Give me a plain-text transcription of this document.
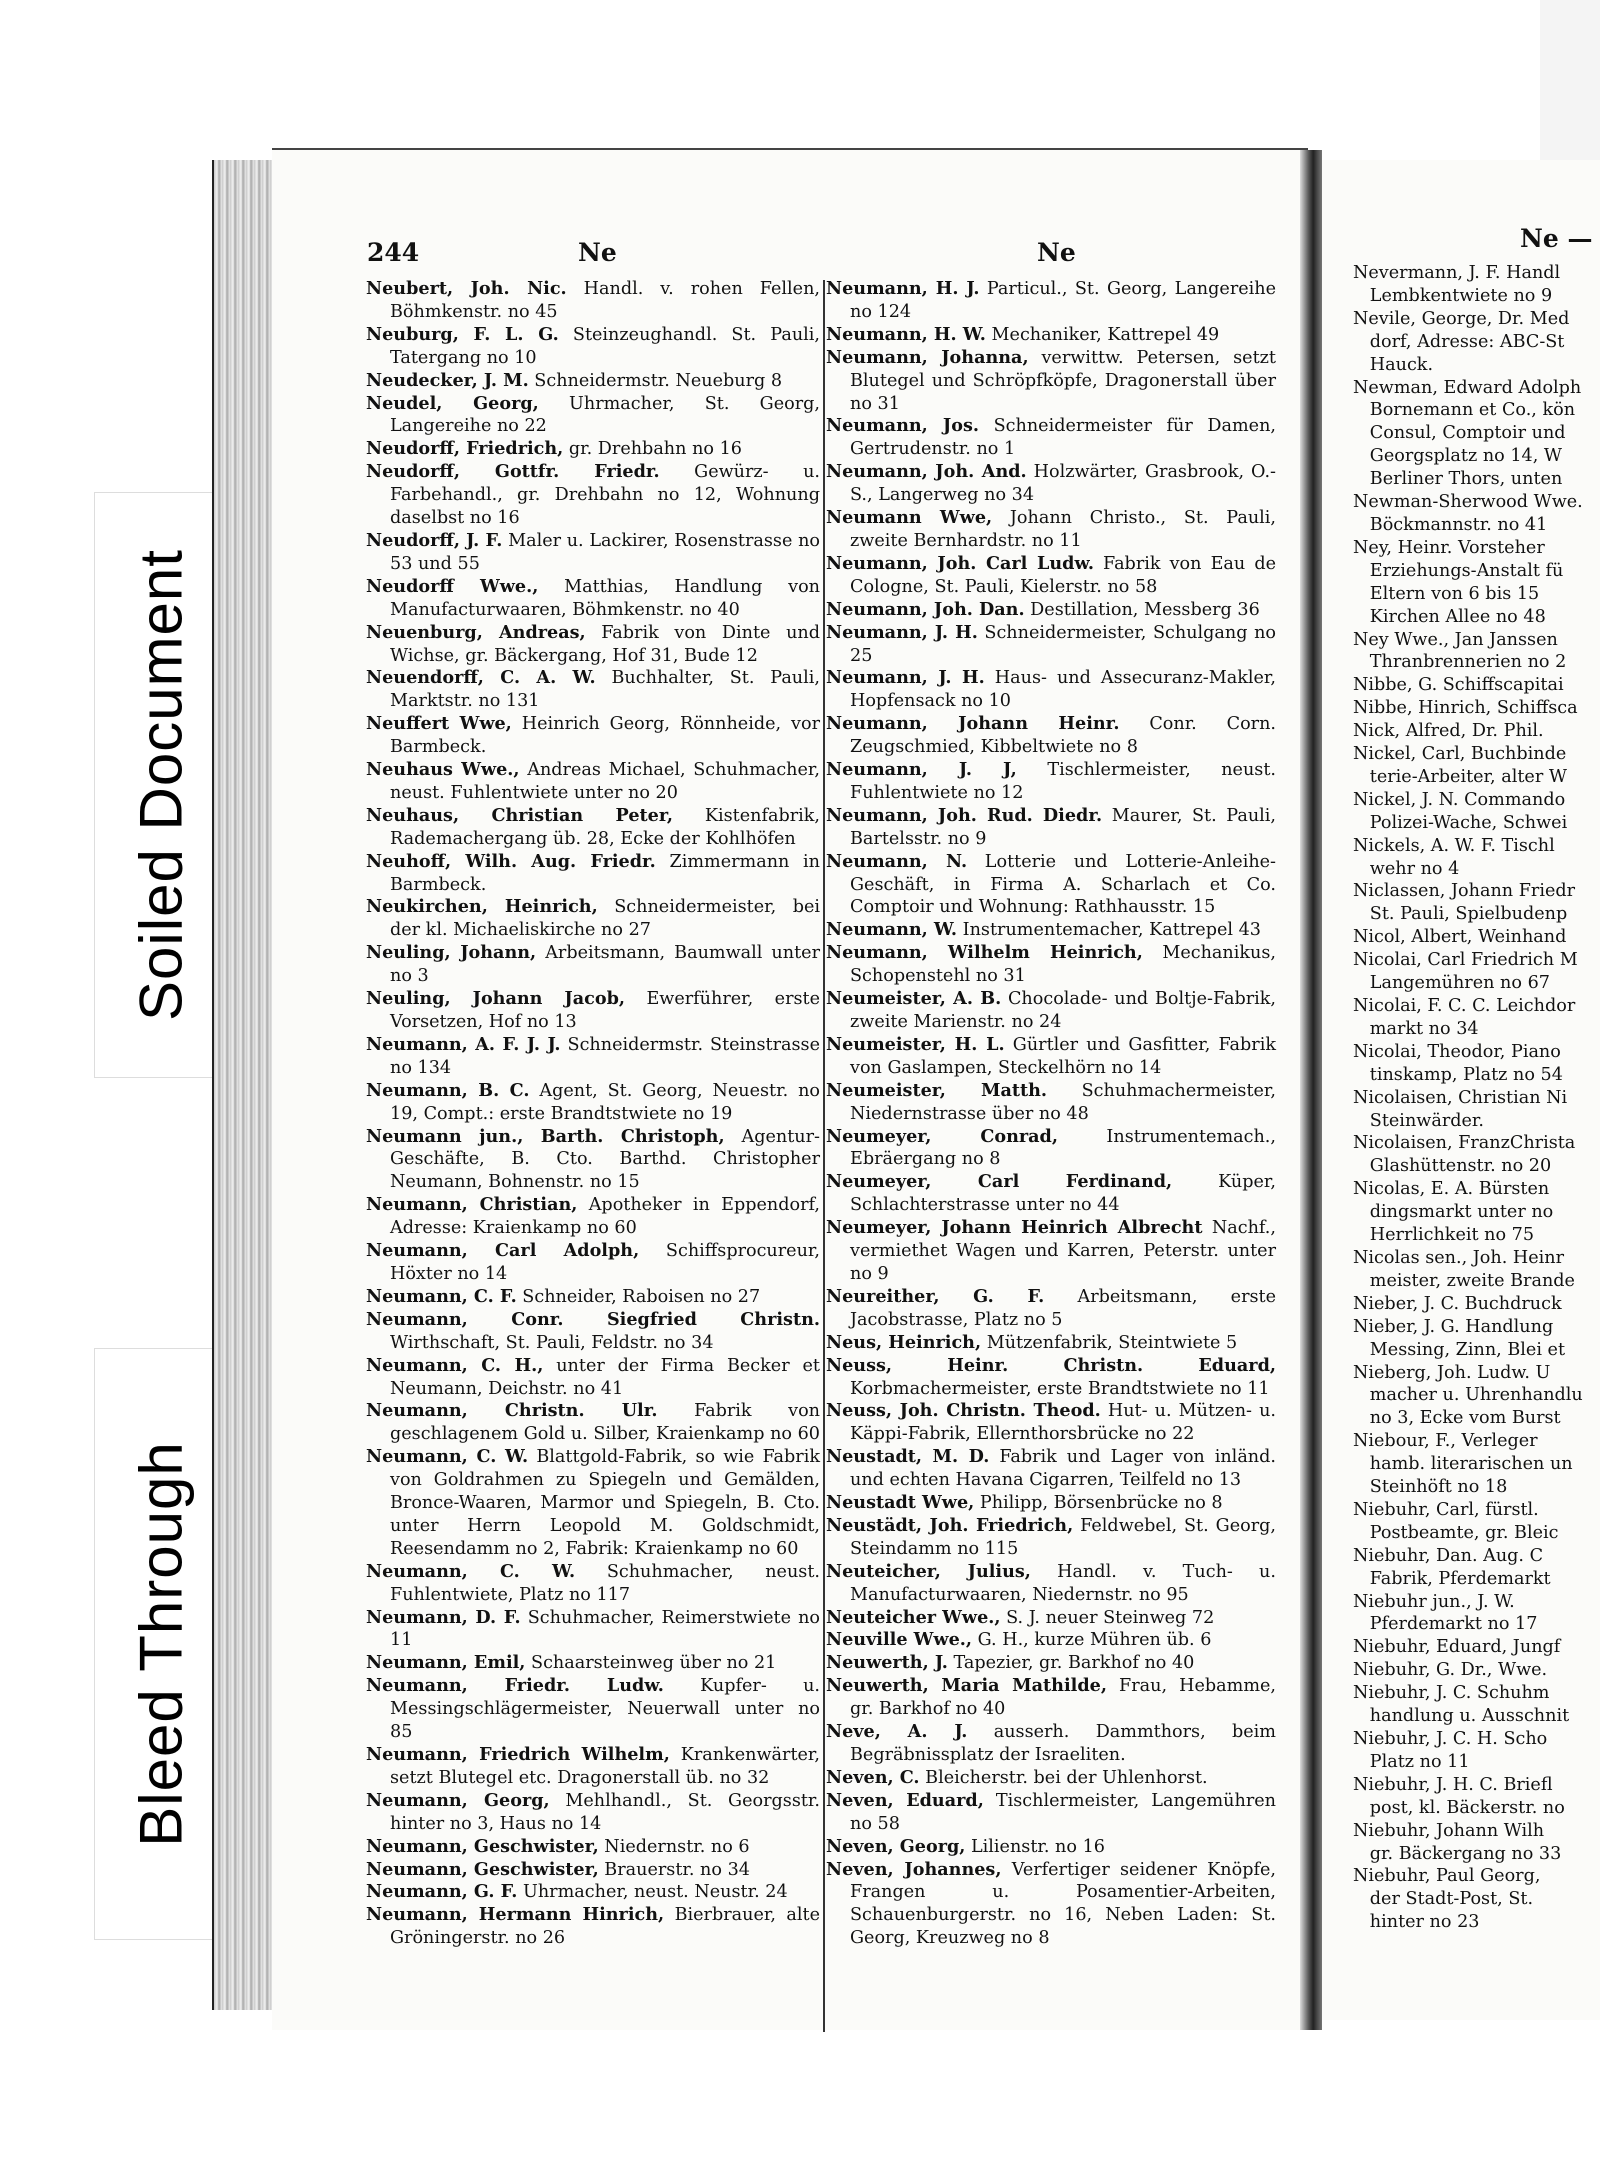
Soiled Document
Bleed Through
244	Ne	Ne	Ne —

Neubert, Joh. Nic. Handl. v. rohen Fellen, Böhmkenstr. no 45

Neuburg, F. L. G. Steinzeughandl. St. Pauli, Tatergang no 10

Neudecker, J. M. Schneidermstr. Neueburg 8

Neudel, Georg, Uhrmacher, St. Georg, Langereihe no 22

Neudorff, Friedrich, gr. Drehbahn no 16

Neudorff, Gottfr. Friedr. Gewürz- u. Farbehandl., gr. Drehbahn no 12, Wohnung daselbst no 16

Neudorff, J. F. Maler u. Lackirer, Rosenstrasse no 53 und 55

Neudorff Wwe., Matthias, Handlung von Manufacturwaaren, Böhmkenstr. no 40

Neuenburg, Andreas, Fabrik von Dinte und Wichse, gr. Bäckergang, Hof 31, Bude 12

Neuendorff, C. A. W. Buchhalter, St. Pauli, Marktstr. no 131

Neuffert Wwe, Heinrich Georg, Rönnheide, vor Barmbeck.

Neuhaus Wwe., Andreas Michael, Schuhmacher, neust. Fuhlentwiete unter no 20

Neuhaus, Christian Peter, Kistenfabrik, Rademachergang üb. 28, Ecke der Kohlhöfen

Neuhoff, Wilh. Aug. Friedr. Zimmermann in Barmbeck.

Neukirchen, Heinrich, Schneidermeister, bei der kl. Michaeliskirche no 27

Neuling, Johann, Arbeitsmann, Baumwall unter no 3

Neuling, Johann Jacob, Ewerführer, erste Vorsetzen, Hof no 13

Neumann, A. F. J. J. Schneidermstr. Steinstrasse no 134

Neumann, B. C. Agent, St. Georg, Neuestr. no 19, Compt.: erste Brandtstwiete no 19

Neumann jun., Barth. Christoph, Agentur-Geschäfte, B. Cto. Barthd. Christopher Neumann, Bohnenstr. no 15

Neumann, Christian, Apotheker in Eppendorf, Adresse: Kraienkamp no 60

Neumann, Carl Adolph, Schiffsprocureur, Höxter no 14

Neumann, C. F. Schneider, Raboisen no 27

Neumann, Conr. Siegfried Christn. Wirthschaft, St. Pauli, Feldstr. no 34

Neumann, C. H., unter der Firma Becker et Neumann, Deichstr. no 41

Neumann, Christn. Ulr. Fabrik von geschlagenem Gold u. Silber, Kraienkamp no 60

Neumann, C. W. Blattgold-Fabrik, so wie Fabrik von Goldrahmen zu Spiegeln und Gemälden, Bronce-Waaren, Marmor und Spiegeln, B. Cto. unter Herrn Leopold M. Goldschmidt, Reesendamm no 2, Fabrik: Kraienkamp no 60

Neumann, C. W. Schuhmacher, neust. Fuhlentwiete, Platz no 117

Neumann, D. F. Schuhmacher, Reimerstwiete no 11

Neumann, Emil, Schaarsteinweg über no 21

Neumann, Friedr. Ludw. Kupfer- u. Messingschlägermeister, Neuerwall unter no 85

Neumann, Friedrich Wilhelm, Krankenwärter, setzt Blutegel etc. Dragonerstall üb. no 32

Neumann, Georg, Mehlhandl., St. Georgsstr. hinter no 3, Haus no 14

Neumann, Geschwister, Niedernstr. no 6

Neumann, Geschwister, Brauerstr. no 34

Neumann, G. F. Uhrmacher, neust. Neustr. 24

Neumann, Hermann Hinrich, Bierbrauer, alte Gröningerstr. no 26

Neumann, H. J. Particul., St. Georg, Langereihe no 124

Neumann, H. W. Mechaniker, Kattrepel 49

Neumann, Johanna, verwittw. Petersen, setzt Blutegel und Schröpfköpfe, Dragonerstall über no 31

Neumann, Jos. Schneidermeister für Damen, Gertrudenstr. no 1

Neumann, Joh. And. Holzwärter, Grasbrook, O.-S., Langerweg no 34

Neumann Wwe, Johann Christo., St. Pauli, zweite Bernhardstr. no 11

Neumann, Joh. Carl Ludw. Fabrik von Eau de Cologne, St. Pauli, Kielerstr. no 58

Neumann, Joh. Dan. Destillation, Messberg 36

Neumann, J. H. Schneidermeister, Schulgang no 25

Neumann, J. H. Haus- und Assecuranz-Makler, Hopfensack no 10

Neumann, Johann Heinr. Conr. Corn. Zeugschmied, Kibbeltwiete no 8

Neumann, J. J, Tischlermeister, neust. Fuhlentwiete no 12

Neumann, Joh. Rud. Diedr. Maurer, St. Pauli, Bartelsstr. no 9

Neumann, N. Lotterie und Lotterie-Anleihe-Geschäft, in Firma A. Scharlach et Co. Comptoir und Wohnung: Rathhausstr. 15

Neumann, W. Instrumentemacher, Kattrepel 43

Neumann, Wilhelm Heinrich, Mechanikus, Schopenstehl no 31

Neumeister, A. B. Chocolade- und Boltje-Fabrik, zweite Marienstr. no 24

Neumeister, H. L. Gürtler und Gasfitter, Fabrik von Gaslampen, Steckelhörn no 14

Neumeister, Matth. Schuhmachermeister, Niedernstrasse über no 48

Neumeyer, Conrad, Instrumentemach., Ebräergang no 8

Neumeyer, Carl Ferdinand, Küper, Schlachterstrasse unter no 44

Neumeyer, Johann Heinrich Albrecht Nachf., vermiethet Wagen und Karren, Peterstr. unter no 9

Neureither, G. F. Arbeitsmann, erste Jacobstrasse, Platz no 5

Neus, Heinrich, Mützenfabrik, Steintwiete 5

Neuss, Heinr. Christn. Eduard, Korbmachermeister, erste Brandtstwiete no 11

Neuss, Joh. Christn. Theod. Hut- u. Mützen- u. Käppi-Fabrik, Ellernthorsbrücke no 22

Neustadt, M. D. Fabrik und Lager von inländ. und echten Havana Cigarren, Teilfeld no 13

Neustadt Wwe, Philipp, Börsenbrücke no 8

Neustädt, Joh. Friedrich, Feldwebel, St. Georg, Steindamm no 115

Neuteicher, Julius, Handl. v. Tuch- u. Manufacturwaaren, Niedernstr. no 95

Neuteicher Wwe., S. J. neuer Steinweg 72

Neuville Wwe., G. H., kurze Mühren üb. 6

Neuwerth, J. Tapezier, gr. Barkhof no 40

Neuwerth, Maria Mathilde, Frau, Hebamme, gr. Barkhof no 40

Neve, A. J. ausserh. Dammthors, beim Begräbnissplatz der Israeliten.

Neven, C. Bleicherstr. bei der Uhlenhorst.

Neven, Eduard, Tischlermeister, Langemühren no 58

Neven, Georg, Lilienstr. no 16

Neven, Johannes, Verfertiger seidener Knöpfe, Frangen u. Posamentier-Arbeiten, Schauenburgerstr. no 16, Neben Laden: St. Georg, Kreuzweg no 8

Nevermann, J. F. Handl
Lembkentwiete no 9
Nevile, George, Dr. Med
dorf, Adresse: ABC-St
Hauck.
Newman, Edward Adolph
Bornemann et Co., kön
Consul, Comptoir und
Georgsplatz no 14, W
Berliner Thors, unten
Newman-Sherwood Wwe.
Böckmannstr. no 41
Ney, Heinr. Vorsteher
Erziehungs-Anstalt fü
Eltern von 6 bis 15
Kirchen Allee no 48
Ney Wwe., Jan Janssen
Thranbrennerien no 2
Nibbe, G. Schiffscapitai
Nibbe, Hinrich, Schiffsca
Nick, Alfred, Dr. Phil.
Nickel, Carl, Buchbinde
terie-Arbeiter, alter W
Nickel, J. N. Commando
Polizei-Wache, Schwei
Nickels, A. W. F. Tischl
wehr no 4
Niclassen, Johann Friedr
St. Pauli, Spielbudenp
Nicol, Albert, Weinhand
Nicolai, Carl Friedrich M
Langemühren no 67
Nicolai, F. C. C. Leichdor
markt no 34
Nicolai, Theodor, Piano
tinskamp, Platz no 54
Nicolaisen, Christian Ni
Steinwärder.
Nicolaisen, FranzChrista
Glashüttenstr. no 20
Nicolas, E. A. Bürsten
dingsmarkt unter no
Herrlichkeit no 75
Nicolas sen., Joh. Heinr
meister, zweite Brande
Nieber, J. C. Buchdruck
Nieber, J. G. Handlung
Messing, Zinn, Blei et
Nieberg, Joh. Ludw. U
macher u. Uhrenhandlu
no 3, Ecke vom Burst
Niebour, F., Verleger
hamb. literarischen un
Steinhöft no 18
Niebuhr, Carl, fürstl.
Postbeamte, gr. Bleic
Niebuhr, Dan. Aug. C
Fabrik, Pferdemarkt
Niebuhr jun., J. W.
Pferdemarkt no 17
Niebuhr, Eduard, Jungf
Niebuhr, G. Dr., Wwe.
Niebuhr, J. C. Schuhm
handlung u. Ausschnit
Niebuhr, J. C. H. Scho
Platz no 11
Niebuhr, J. H. C. Briefl
post, kl. Bäckerstr. no
Niebuhr, Johann Wilh
gr. Bäckergang no 33
Niebuhr, Paul Georg,
der Stadt-Post, St.
hinter no 23
